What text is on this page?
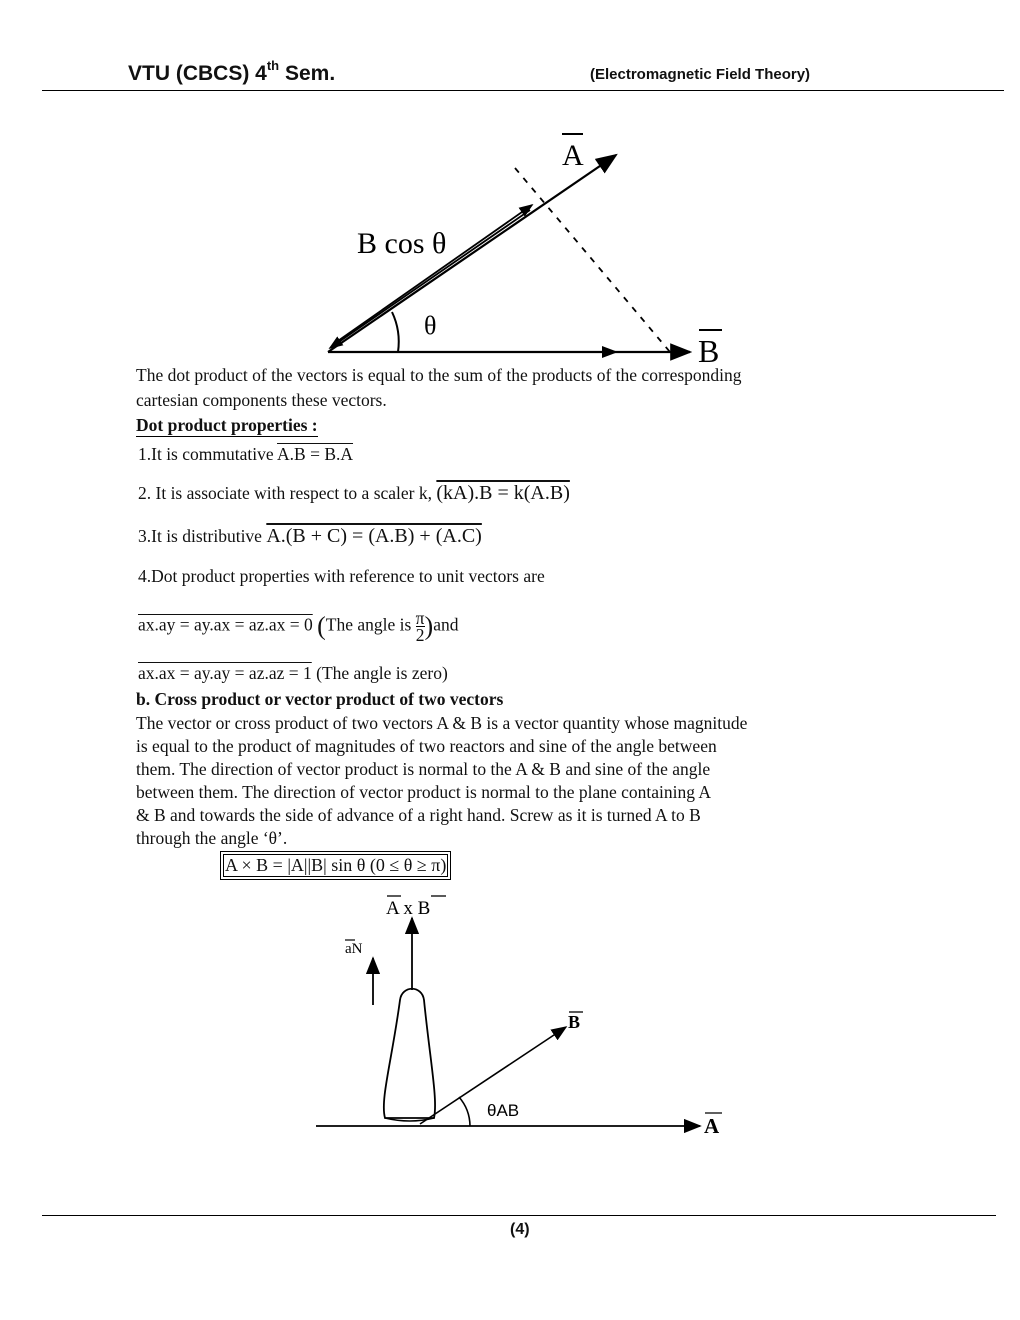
VTU (CBCS) 4th Sem.	(Electromagnetic Field Theory)
A
B
B cos θ
θ
The dot product of the vectors is equal to the sum of the products of the corresponding
cartesian components these vectors.
Dot product properties :
1.It is commutative A.B = B.A
2. It is associate with respect to a scaler k, (kA).B = k(A.B)
3.It is distributive A.(B + C) = (A.B) + (A.C)
4.Dot product properties with reference to unit vectors are
ax.ay = ay.ax = az.ax = 0 (The angle is $\frac{\pi}{2} )and$
ax.ax = ay.ay = az.az = 1 (The angle is zero)
b. Cross product or vector product of two vectors
The vector or cross product of two vectors A & B is a vector quantity whose magnitude
is equal to the product of magnitudes of two reactors and sine of the angle between
them. The direction of vector product is normal to the A & B and sine of the angle
between them. The direction of vector product is normal to the plane containing A
& B and towards the side of advance of a right hand. Screw as it is turned A to B
through the angle ‘θ’.
A × B = |A||B| sin θ (0 ≤ θ ≥ π)
A x B
aN
B
A
θAB
(4)
